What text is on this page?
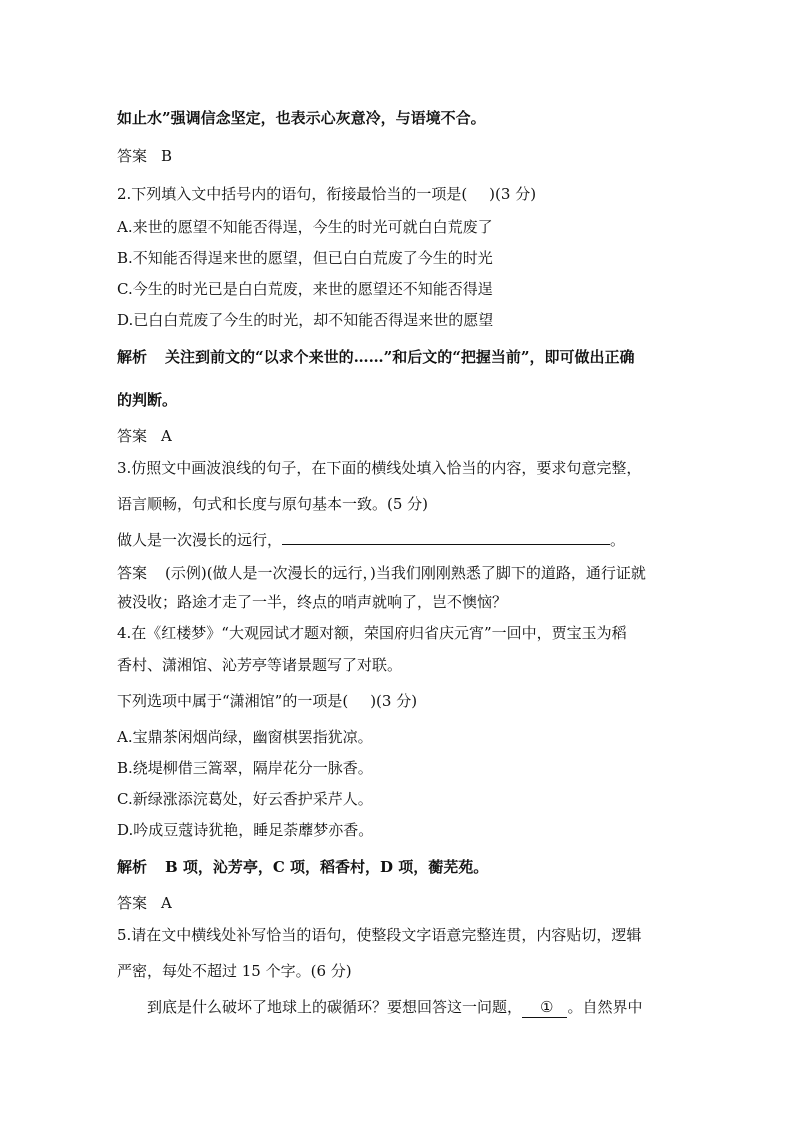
如止水”强调信念坚定，也表示心灰意冷，与语境不合。
答案 B
2.下列填入文中括号内的语句，衔接最恰当的一项是( )(3 分)
A.来世的愿望不知能否得逞，今生的时光可就白白荒废了
B.不知能否得逞来世的愿望，但已白白荒废了今生的时光
C.今生的时光已是白白荒废，来世的愿望还不知能否得逞
D.已白白荒废了今生的时光，却不知能否得逞来世的愿望
解析 关注到前文的“以求个来世的……”和后文的“把握当前”，即可做出正确
的判断。
答案 A
3.仿照文中画波浪线的句子，在下面的横线处填入恰当的内容，要求句意完整，
语言顺畅，句式和长度与原句基本一致。(5 分)
做人是一次漫长的远行，	。
答案 (示例)(做人是一次漫长的远行，)当我们刚刚熟悉了脚下的道路，通行证就
被没收；路途才走了一半，终点的哨声就响了，岂不懊恼？
4.在《红楼梦》“大观园试才题对额，荣国府归省庆元宵”一回中，贾宝玉为稻
香村、潇湘馆、沁芳亭等诸景题写了对联。
下列选项中属于“潇湘馆”的一项是( )(3 分)
A.宝鼎茶闲烟尚绿，幽窗棋罢指犹凉。
B.绕堤柳借三篙翠，隔岸花分一脉香。
C.新绿涨添浣葛处，好云香护采芹人。
D.吟成豆蔻诗犹艳，睡足荼蘼梦亦香。
解析 B 项，沁芳亭，C 项，稻香村，D 项，蘅芜苑。
答案 A
5.请在文中横线处补写恰当的语句，使整段文字语意完整连贯，内容贴切，逻辑
严密，每处不超过 15 个字。(6 分)
到底是什么破坏了地球上的碳循环？要想回答这一问题， ① 。自然界中
